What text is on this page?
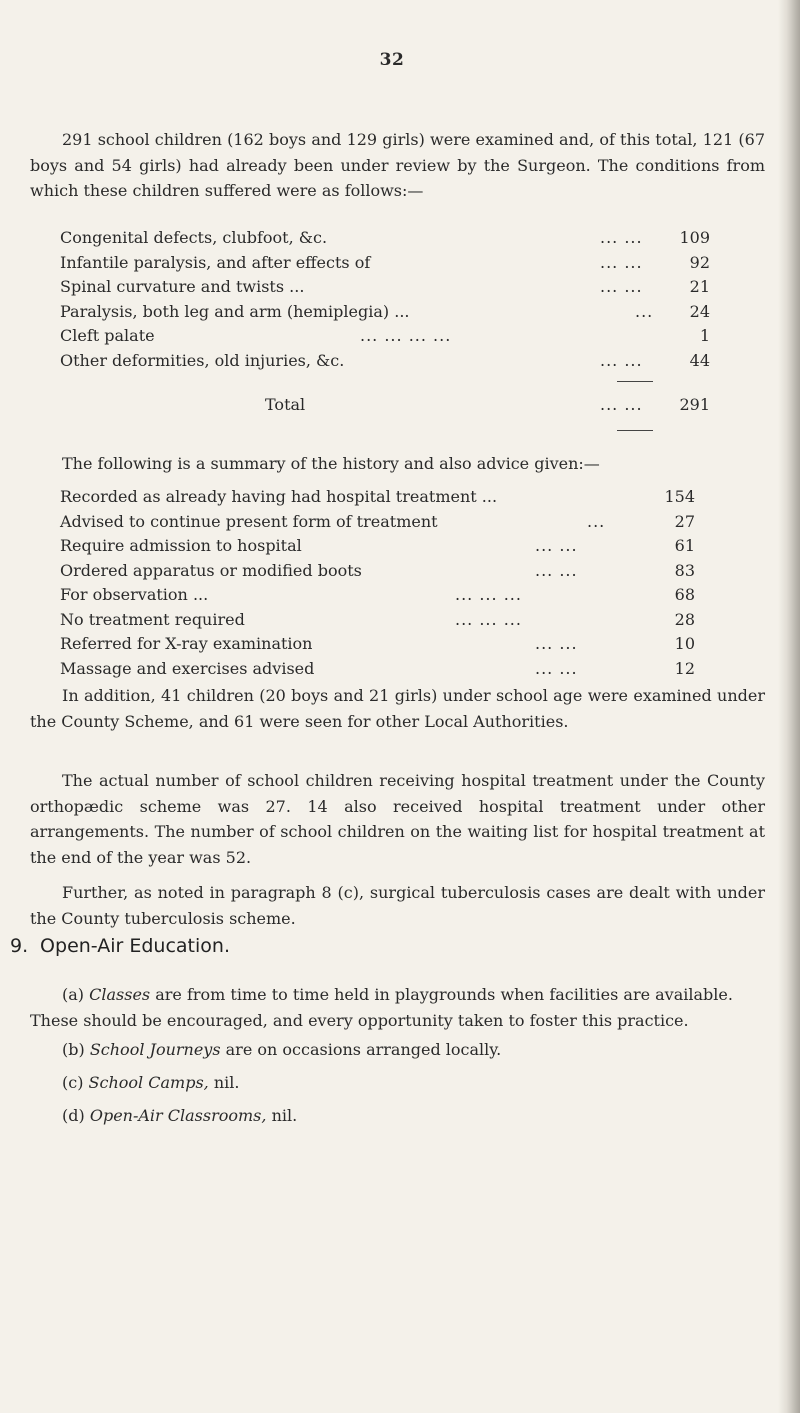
32
291 school children (162 boys and 129 girls) were examined and, of this total, 121 (67 boys and 54 girls) had already been under review by the Surgeon. The conditions from which these children suffered were as follows:—
Congenital defects, clubfoot, &c.	... ...	109
Infantile paralysis, and after effects of	... ...	92
Spinal curvature and twists ...	... ...	21
Paralysis, both leg and arm (hemiplegia) ...	...	24
Cleft palate	... ... ... ...	1
Other deformities, old injuries, &c.	... ...	44
Total	... ...	291
The following is a summary of the history and also advice given:—
Recorded as already having had hospital treatment ...	154
Advised to continue present form of treatment	...	27
Require admission to hospital	... ...	61
Ordered apparatus or modified boots	... ...	83
For observation ...	... ... ...	68
No treatment required	... ... ...	28
Referred for X-ray examination	... ...	10
Massage and exercises advised	... ...	12
In addition, 41 children (20 boys and 21 girls) under school age were examined under the County Scheme, and 61 were seen for other Local Authorities.
The actual number of school children receiving hospital treatment under the County orthopædic scheme was 27. 14 also received hospital treatment under other arrangements. The number of school children on the waiting list for hospital treatment at the end of the year was 52.
Further, as noted in paragraph 8 (c), surgical tuberculosis cases are dealt with under the County tuberculosis scheme.
9. Open-Air Education.
(a) Classes are from time to time held in playgrounds when facilities are available. These should be encouraged, and every opportunity taken to foster this practice.
(b) School Journeys are on occasions arranged locally.
(c) School Camps, nil.
(d) Open-Air Classrooms, nil.
